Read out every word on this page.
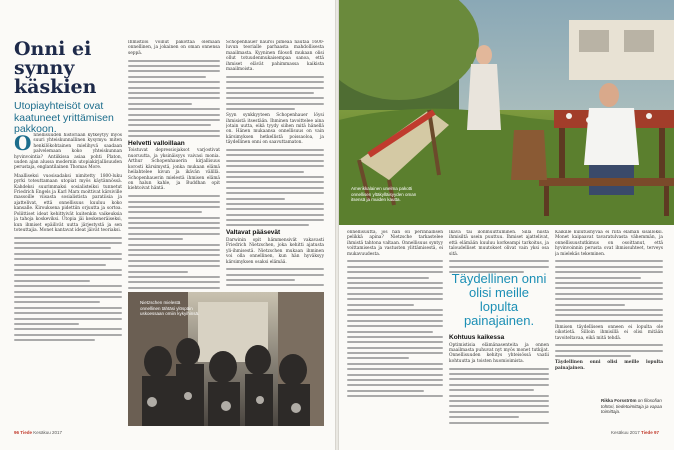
Onni ei synny käskien
Utopiayhteisöt ovat kaatuneet yrittämisen pakkoon.
O nnellisuuden historiaan kytkeytyy myös suuri yhteiskunnallinen kysymys: miten henkilökohtainen mielihyvä saadaan palvelemaan koko yhteiskunnan hyvinvointia? Antiikissa asiaa pohti Platon, uuden ajan alussa modernin utopiakirjallisuuden perustaja, englantilainen Thomas More.

Maalliseksi vuosisadaksi nimitetty 1800-luku pyrki toteuttamaan utopiat myös käytännössä. Kahdeksi suurimmaksi sosialisteiksi tunnetut Friedrich Engels ja Karl Marx moittivat kärsiville massoille viisasta sosialistista paratiisia ja ajattelivat, että onnellisuus kuuluu koko kansalle. Kirouksena pidettiin orjuutta ja sortoa. Poliittiset ideat kehittyivät kuitenkin vaikeuksia ja tahoja koskeviksi. Utopia jäi keskeneräiseksi, kun ihmiset epäilivät uutta järjestystä ja sen toteuttajia. Monet kantavat ideat jäivät teoriaksi.

Ihmistiloi voinut pakottaa olemaan onnellinen, ja jokainen on oman onnensa seppä.

Helvetti valloillaan

Toistuvat depressiojaksot varjostivat nuoruutta, ja yksinäisyys vaivasi monia. Arthur Schopenhauerin kirjallisuus korosti kärsimystä, jonka mukaan elämä heilahtelee kivun ja ikävän välillä. Schopenhauerin mielestä ihmisen elämä on halun kahle, ja Buddhan opit kiehtoivat häntä.

Schopenhauer nauroi pimeää nautaa 1600-luvun teorialle parhaasta mahdollisesta maailmasta. Kyyninen filosofi mukaan olisi ollut totuudenmukaisempaa sanoa, että ihmiset elävät pahimmassa kaikista maailmoista.

Syyn synkkyyteen Schopenhauer löysi ihmisistä itsestään. Ihminen tavoittelee aina jotain uutta, eikä tyydy siihen mitä hänellä on. Hänen mukaansa onnellisuus on vain kärsimyksen hetkellistä poissaoloa, ja täydellinen onni on saavuttamaton.

Valtavat pääsevät

Darwinin opit hämmensivät vakavasti Friedrich Nietzschen, joka kehitti ajatusta yli-ihmisestä. Nietzschen mukaan ihminen voi olla onnellinen, kun hän hyväksyy kärsimyksen osaksi elämää.

Nietzschen mielestä onnellinen tähtäsi ylöspäin uskoessaan omiin kykyihinsä.
96 Tiede Kesäkuu 2017
Amerikkalainen unelma pakotti onnellisen yltäkylläisyyden oman itsensä ja muiden kautta.

onnellisuutta, jos hän oli perinnällisen pelikkä apina? Nietzsche tarkastelee ihmistä tahtona valtaan. Onnellisuus syntyy voittamisesta ja vastusten ylittämisestä, ei mukavuudesta.

Ikävä tai ilonmuuttuminen. Sillä niistä ihmisiltä usein puuttuu. Ihmiset ajattelivat, että elämään kuuluu korkeampi tarkoitus, ja taloudelliset muutokset olivat vain yksi osa sitä.

Kohtuus kaikessa

Optimistisia elämänasenteita ja onnen maailmasta puhuvat nyt myös monet tutkijat. Onnellisuuden kehitys yhteisössä vaatii kohtuutta ja toisten huomioimista.

Täydellinen onni olisi meille lopulta painajainen.

Kaikille kulutushyvää ei riitä elämän sisällöksi. Monet kaipaavat tavaratulvasta vähemmän, ja onnellisuustutkimus on osoittanut, että hyvinvoinnin perusta ovat ihmissuhteet, terveys ja mielekäs tekeminen.

Ihmisen täydelliseen onneen ei lopulta ole oikotietä. Silloin ihmisillä ei olisi mitään tavoiteltavaa, eikä mitä tehdä.

Täydellinen onni olisi meille lopulta painajainen.

Rikka Forsström on filosofian tohtori, tiedetoimittaja ja vapaa toimittaja.
Kesäkuu 2017 Tiede 97
